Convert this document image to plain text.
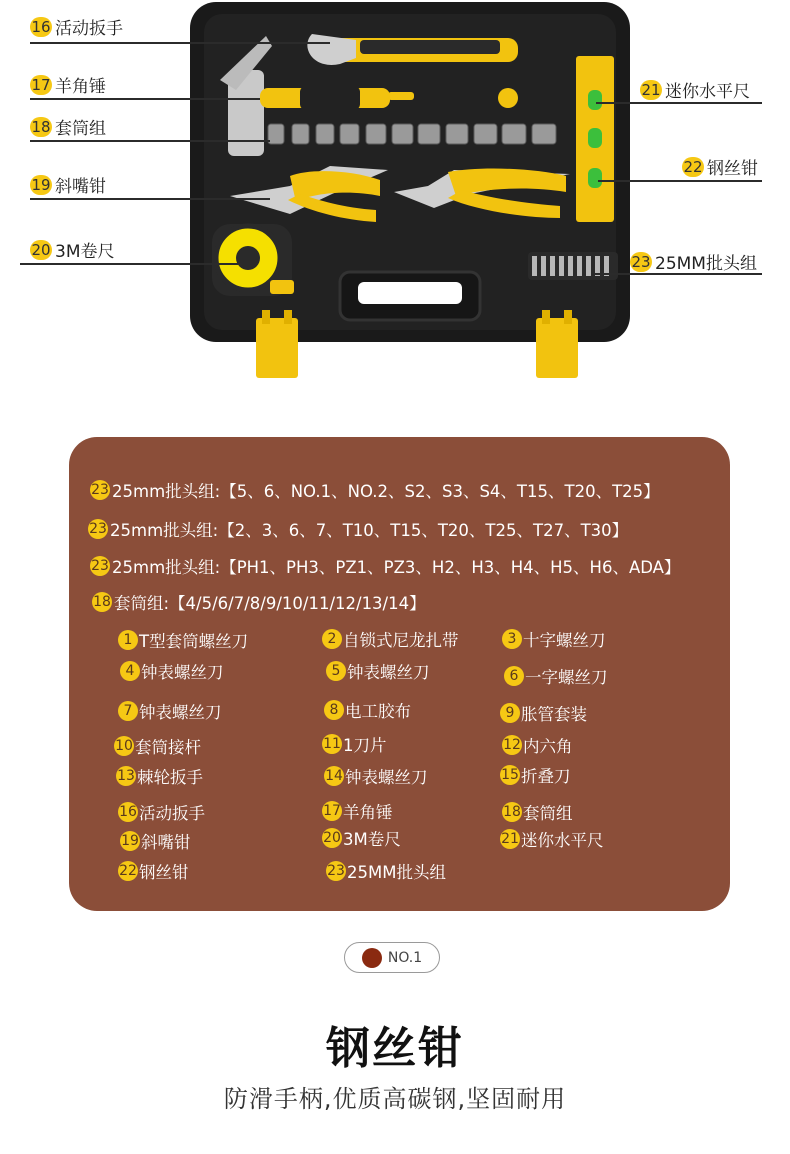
16 活动扳手
17 羊角锤
18 套筒组
19 斜嘴钳
20 3M卷尺
21 迷你水平尺
22 钢丝钳
23 25MM批头组
23 25mm批头组:【5、6、NO.1、NO.2、S2、S3、S4、T15、T20、T25】
23 25mm批头组:【2、3、6、7、T10、T15、T20、T25、T27、T30】
23 25mm批头组:【PH1、PH3、PZ1、PZ3、H2、H3、H4、H5、H6、ADA】
18 套筒组:【4/5/6/7/8/9/10/11/12/13/14】
1 T型套筒螺丝刀	2 自锁式尼龙扎带	3 十字螺丝刀
4 钟表螺丝刀	5 钟表螺丝刀	6 一字螺丝刀
7 钟表螺丝刀	8 电工胶布	9 胀管套装
10 套筒接杆	11 1刀片	12 内六角
13 棘轮扳手	14 钟表螺丝刀	15 折叠刀
16 活动扳手	17 羊角锤	18 套筒组
19 斜嘴钳	20 3M卷尺	21 迷你水平尺
22 钢丝钳	23 25MM批头组
NO.1
钢丝钳
防滑手柄,优质高碳钢,坚固耐用
